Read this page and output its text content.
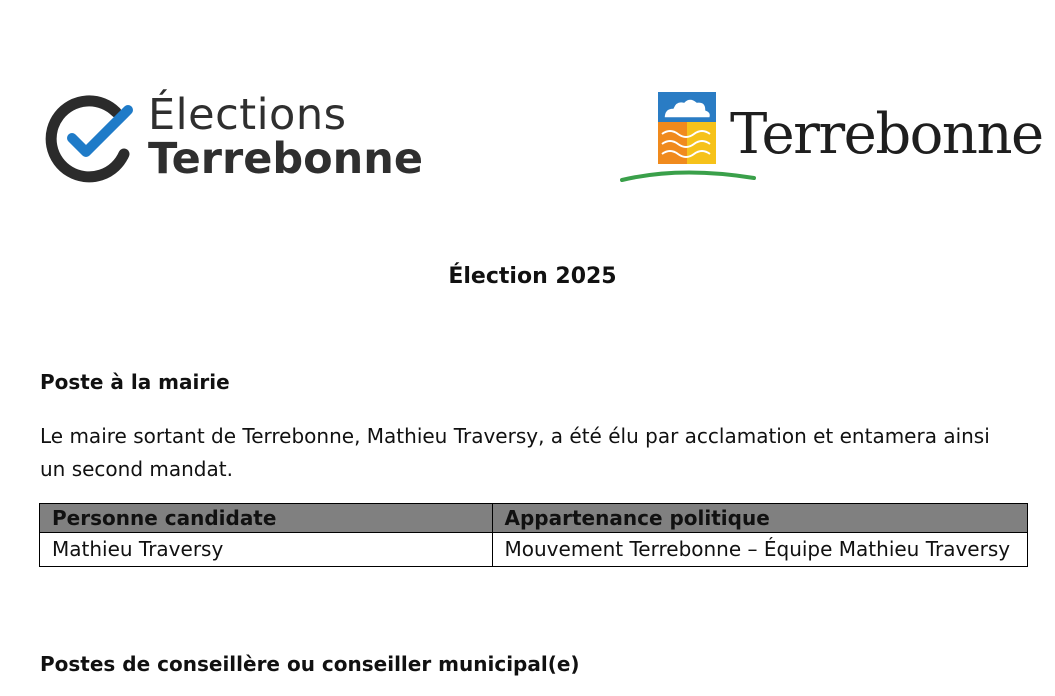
Élections
Terrebonne	Terrebonne
Élection 2025
Poste à la mairie
Le maire sortant de Terrebonne, Mathieu Traversy, a été élu par acclamation et entamera ainsi un second mandat.
Personne candidate	Appartenance politique
Mathieu Traversy	Mouvement Terrebonne – Équipe Mathieu Traversy
Postes de conseillère ou conseiller municipal(e)
